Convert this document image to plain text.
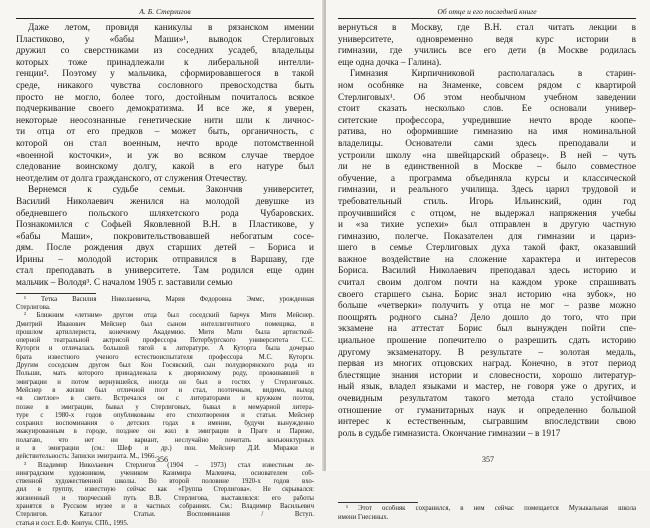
А. Б. Стерлигов
Даже летом, провидя каникулы в рязанском имении
Пластиково, у «бабы Маши»¹, выводок Стерлиговых
дружил со сверстниками из соседних усадеб, владельцы
которых тоже принадлежали к либеральной интелли-
генции². Поэтому у мальчика, сформировавшегося в такой
среде, никакого чувства сословного превосходства быть
просто не могло, более того, достойным почиталось всякое
подчеркивание своего демократизма. И все же, я уверен,
некоторые неосознанные генетические нити шли к личнос-
ти отца от его предков – может быть, органичность, с
которой он стал военным, нечто вроде потомственной
«военной косточки», и уж во всяком случае твердое
следование воинскому долгу, какой в его натуре был
неотделим от долга гражданского, от служения Отечеству.
Вернемся к судьбе семьи. Закончив университет,
Василий Николаевич женился на молодой девушке из
обедневшего польского шляхетского рода Чубаровских.
Познакомился с Софьей Яковлевной В.Н. в Пластикове, у
«бабы Маши», покровительствовавшей небогатым сосе-
дям. После рождения двух старших детей – Бориса и
Ирины – молодой историк отправился в Варшаву, где
стал преподавать в университете. Там родился еще один
мальчик – Володя³. С началом 1905 г. заставили семью
¹ Тетка Василия Николаевича, Мария Федоровна Эммс, урожденная
Стерлигова.
² Ближним «летним» другом отца был соседский барчук Митя Мейснер.
Дмитрий Иванович Мейснер был сыном интеллигентного помещика, в
прошлом артиллериста, конечному Академию. Митя Мати была артисткой-
оперной театральной актрисой профессора Петербургского университета С.С.
Куторги и отличалась большой тягой к литературе. А Куторга была дочерью
брата известного ученого естествоиспытателя профессора М.С. Куторги.
Другим соседским другом был Кон Госявский, сын полудворянского рода из
Польши, мать которого принадлежала к дворянскому роду, проживавшей в
эмиграции и потом вернувшейся, иногда он был в гостях у Стерлиговых.
Мейснер в жизни был отличной поэт и стал, поэтичным, видимо, выход
«в светлое» в свете. Встречался он с литераторами и кружком поэтов,
позже в эмиграции, бывал у Стерлиговых, бывал в мемуарной литера-
туре с 1980-х годов опубликованы его стихотворения и статьи. Мейснер
сохранил воспоминания о детских годах в имении, будучи вынужденно
эвакуированным в городе, позднее он жил в эмиграции в Праге и Париже,
полагаю, что нет ни вариант, неслучайно почитать конъюнктурных
и в эмиграции (см.: Шеф и др.) пон. Мейснер Д.И. Миражи и
действительность: Записки эмигранта. М., 1966.
³ Владимир Николаевич Стерлигов (1904 – 1973) стал известным ле-
нинградским художником, учеником Казимира Малевича, основателем соб-
ственной художественной школы. Во второй половине 1920-х годов вхо-
дил в группу, известную сейчас как «Группа Стерлигова». Не скрывался:
жизненный и творческий путь В.В. Стерлигова, выставлялся: его работы
хранятся в Русском музее и в частных собраниях. См.: Владимир Васильевич
Стерлигов. Каталог Статьи. Воспоминания / Вступ.
статья и сост. Е.Ф. Ковтун. СПб., 1995.
356
Об отце и его последней книге
вернуться в Москву, где В.Н. стал читать лекции в
университете, одновременно ведя курс истории в
гимназии, где учились все его дети (в Москве родилась
еще одна дочка – Галина).
Гимназия Кирпичниковой располагалась в старин-
ном особняке на Знаменке, совсем рядом с квартирой
Стерлиговых¹. Об этом необычном учебном заведении
стоит сказать несколько слов. Ее основали универ-
ситетские профессора, учредившие нечто вроде коопе-
ратива, но оформившие гимназию на имя номинальной
владелицы. Основатели сами здесь преподавали и
устроили школу «на швейцарский образец». В ней – чуть
ли не в единственной в Москве – было совместное
обучение, а программа объединяла курсы и классической
гимназии, и реального училища. Здесь царил трудовой и
требовательный стиль. Игорь Ильинский, один год
проучившийся с отцом, не выдержал напряжения учебы
и «за тихие успехи» был отправлен в другую частную
гимназию, полегче. Показателен для гимназии и цариз-
шего в семье Стерлиговых духа такой факт, оказавший
важное воздействие на сложение характера и интересов
Бориса. Василий Николаевич преподавал здесь историю и
считал своим долгом почти на каждом уроке спрашивать
своего старшего сына. Борис знал историю «на зубок», но
больше «четверки» получить у отца не мог – разве можно
поощрять родного сына? Дело дошло до того, что при
экзамене на аттестат Борис был вынужден пойти спе-
циальное прошение попечителю о разрешить сдать историю
другому экзаменатору. В результате – золотая медаль,
первая из многих отцовских наград. Конечно, в этот период
блестящие знания истории и словесности, хорошо литератур-
ный язык, владел языками и мастер, не говоря уже о других, и
очевидным результатом такого метода стало устойчивое
отношение от гуманитарных наук и определенно большой
интерес к естественным, сыгравшим впоследствии свою
роль в судьбе гимназиста. Окончание гимназии – в 1917
¹ Этот особняк сохранился, в нем сейчас помещается Музыкальная школа
имени Гнесиных.
357
